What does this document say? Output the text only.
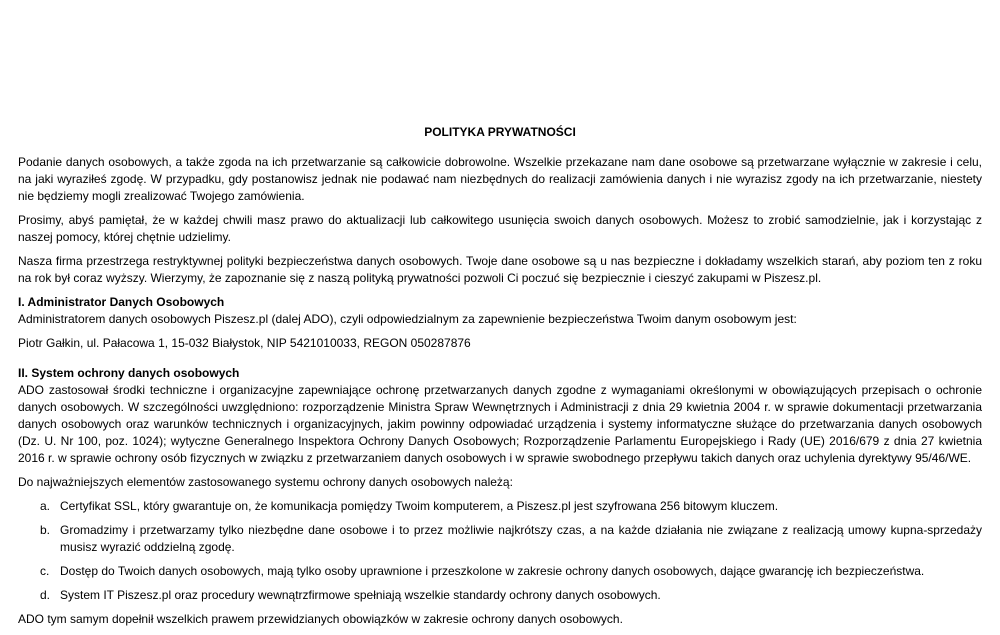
POLITYKA PRYWATNOŚCI

Podanie danych osobowych, a także zgoda na ich przetwarzanie są całkowicie dobrowolne. Wszelkie przekazane nam dane osobowe są przetwarzane wyłącznie w zakresie i celu, na jaki wyraziłeś zgodę. W przypadku, gdy postanowisz jednak nie podawać nam niezbędnych do realizacji zamówienia danych i nie wyrazisz zgody na ich przetwarzanie, niestety nie będziemy mogli zrealizować Twojego zamówienia.

Prosimy, abyś pamiętał, że w każdej chwili masz prawo do aktualizacji lub całkowitego usunięcia swoich danych osobowych. Możesz to zrobić samodzielnie, jak i korzystając z naszej pomocy, której chętnie udzielimy.

Nasza firma przestrzega restryktywnej polityki bezpieczeństwa danych osobowych. Twoje dane osobowe są u nas bezpieczne i dokładamy wszelkich starań, aby poziom ten z roku na rok był coraz wyższy. Wierzymy, że zapoznanie się z naszą polityką prywatności pozwoli Ci poczuć się bezpiecznie i cieszyć zakupami w Piszesz.pl.

I. Administrator Danych Osobowych

Administratorem danych osobowych Piszesz.pl (dalej ADO), czyli odpowiedzialnym za zapewnienie bezpieczeństwa Twoim danym osobowym jest:

Piotr Gałkin, ul. Pałacowa 1, 15-032 Białystok, NIP 5421010033, REGON 050287876

II. System ochrony danych osobowych

ADO zastosował środki techniczne i organizacyjne zapewniające ochronę przetwarzanych danych zgodne z wymaganiami określonymi w obowiązujących przepisach o ochronie danych osobowych. W szczególności uwzględniono: rozporządzenie Ministra Spraw Wewnętrznych i Administracji z dnia 29 kwietnia 2004 r. w sprawie dokumentacji przetwarzania danych osobowych oraz warunków technicznych i organizacyjnych, jakim powinny odpowiadać urządzenia i systemy informatyczne służące do przetwarzania danych osobowych (Dz. U. Nr 100, poz. 1024); wytyczne Generalnego Inspektora Ochrony Danych Osobowych; Rozporządzenie Parlamentu Europejskiego i Rady (UE) 2016/679 z dnia 27 kwietnia 2016 r. w sprawie ochrony osób fizycznych w związku z przetwarzaniem danych osobowych i w sprawie swobodnego przepływu takich danych oraz uchylenia dyrektywy 95/46/WE.

Do najważniejszych elementów zastosowanego systemu ochrony danych osobowych należą:

a. Certyfikat SSL, który gwarantuje on, że komunikacja pomiędzy Twoim komputerem, a Piszesz.pl jest szyfrowana 256 bitowym kluczem.
b. Gromadzimy i przetwarzamy tylko niezbędne dane osobowe i to przez możliwie najkrótszy czas, a na każde działania nie związane z realizacją umowy kupna-sprzedaży musisz wyrazić oddzielną zgodę.
c. Dostęp do Twoich danych osobowych, mają tylko osoby uprawnione i przeszkolone w zakresie ochrony danych osobowych, dające gwarancję ich bezpieczeństwa.
d. System IT Piszesz.pl oraz procedury wewnątrzfirmowe spełniają wszelkie standardy ochrony danych osobowych.

ADO tym samym dopełnił wszelkich prawem przewidzianych obowiązków w zakresie ochrony danych osobowych.
